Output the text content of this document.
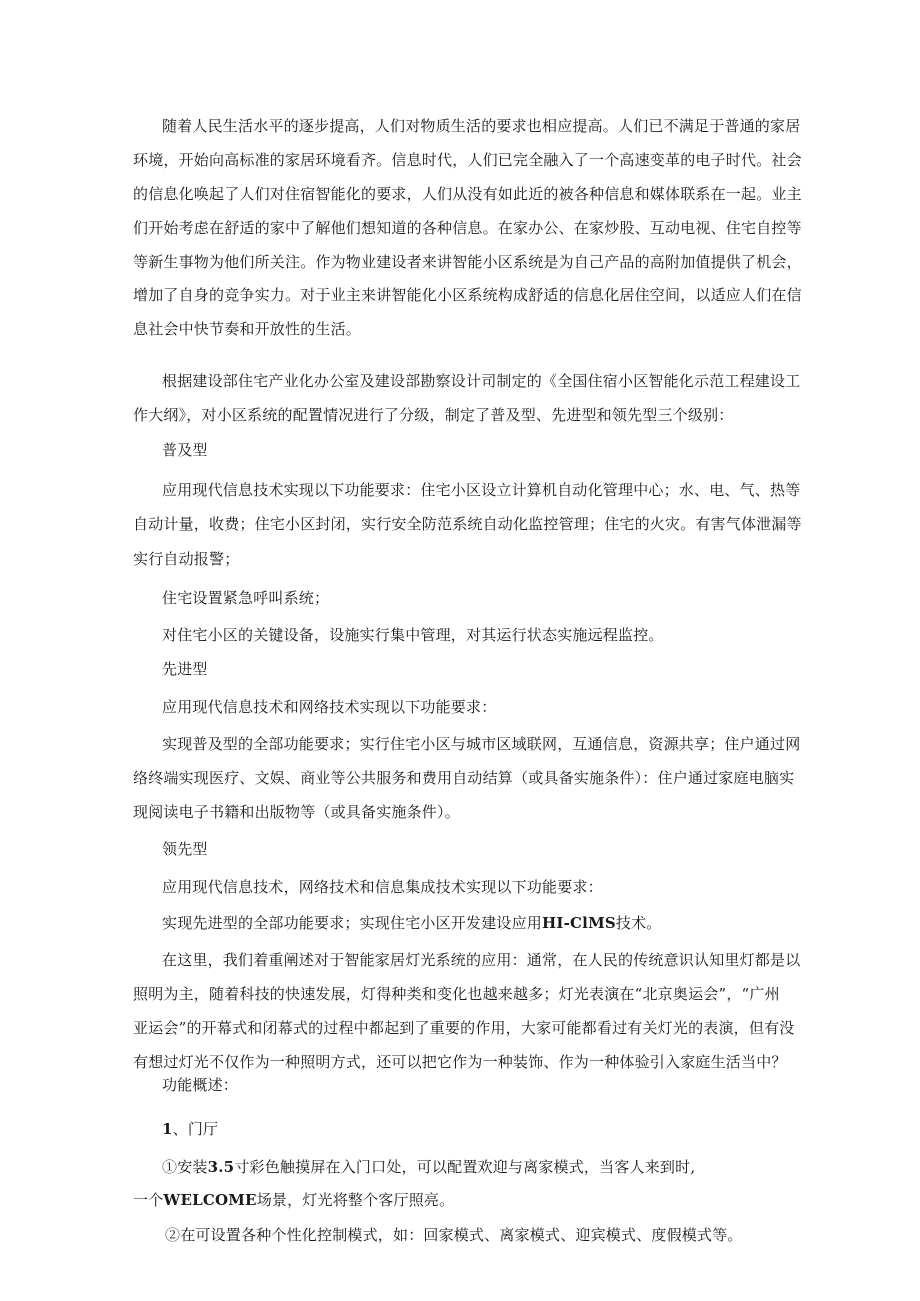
随着人民生活水平的逐步提高，人们对物质生活的要求也相应提高。人们已不满足于普通的家居
环境，开始向高标准的家居环境看齐。信息时代，人们已完全融入了一个高速变革的电子时代。社会
的信息化唤起了人们对住宿智能化的要求，人们从没有如此近的被各种信息和媒体联系在一起。业主
们开始考虑在舒适的家中了解他们想知道的各种信息。在家办公、在家炒股、互动电视、住宅自控等
等新生事物为他们所关注。作为物业建设者来讲智能小区系统是为自己产品的高附加值提供了机会，
增加了自身的竞争实力。对于业主来讲智能化小区系统构成舒适的信息化居住空间，以适应人们在信
息社会中快节奏和开放性的生活。
根据建设部住宅产业化办公室及建设部勘察设计司制定的《全国住宿小区智能化示范工程建设工
作大纲》，对小区系统的配置情况进行了分级，制定了普及型、先进型和领先型三个级别：
普及型
应用现代信息技术实现以下功能要求：住宅小区设立计算机自动化管理中心；水、电、气、热等
自动计量，收费；住宅小区封闭，实行安全防范系统自动化监控管理；住宅的火灾。有害气体泄漏等
实行自动报警；
住宅设置紧急呼叫系统；
对住宅小区的关键设备，设施实行集中管理，对其运行状态实施远程监控。
先进型
应用现代信息技术和网络技术实现以下功能要求：
实现普及型的全部功能要求；实行住宅小区与城市区域联网，互通信息，资源共享；住户通过网
络终端实现医疗、文娱、商业等公共服务和费用自动结算（或具备实施条件）：住户通过家庭电脑实
现阅读电子书籍和出版物等（或具备实施条件）。
领先型
应用现代信息技术，网络技术和信息集成技术实现以下功能要求：
实现先进型的全部功能要求；实现住宅小区开发建设应用HI-ClMS技术。
在这里，我们着重阐述对于智能家居灯光系统的应用：通常，在人民的传统意识认知里灯都是以
照明为主，随着科技的快速发展，灯得种类和变化也越来越多；灯光表演在“北京奥运会”，“广州
亚运会”的开幕式和闭幕式的过程中都起到了重要的作用，大家可能都看过有关灯光的表演，但有没
有想过灯光不仅作为一种照明方式，还可以把它作为一种装饰、作为一种体验引入家庭生活当中？
功能概述：
1、门厅
①安装3.5寸彩色触摸屏在入门口处，可以配置欢迎与离家模式，当客人来到时,
一个WELCOME场景，灯光将整个客厅照亮。
②在可设置各种个性化控制模式，如：回家模式、离家模式、迎宾模式、度假模式等。
